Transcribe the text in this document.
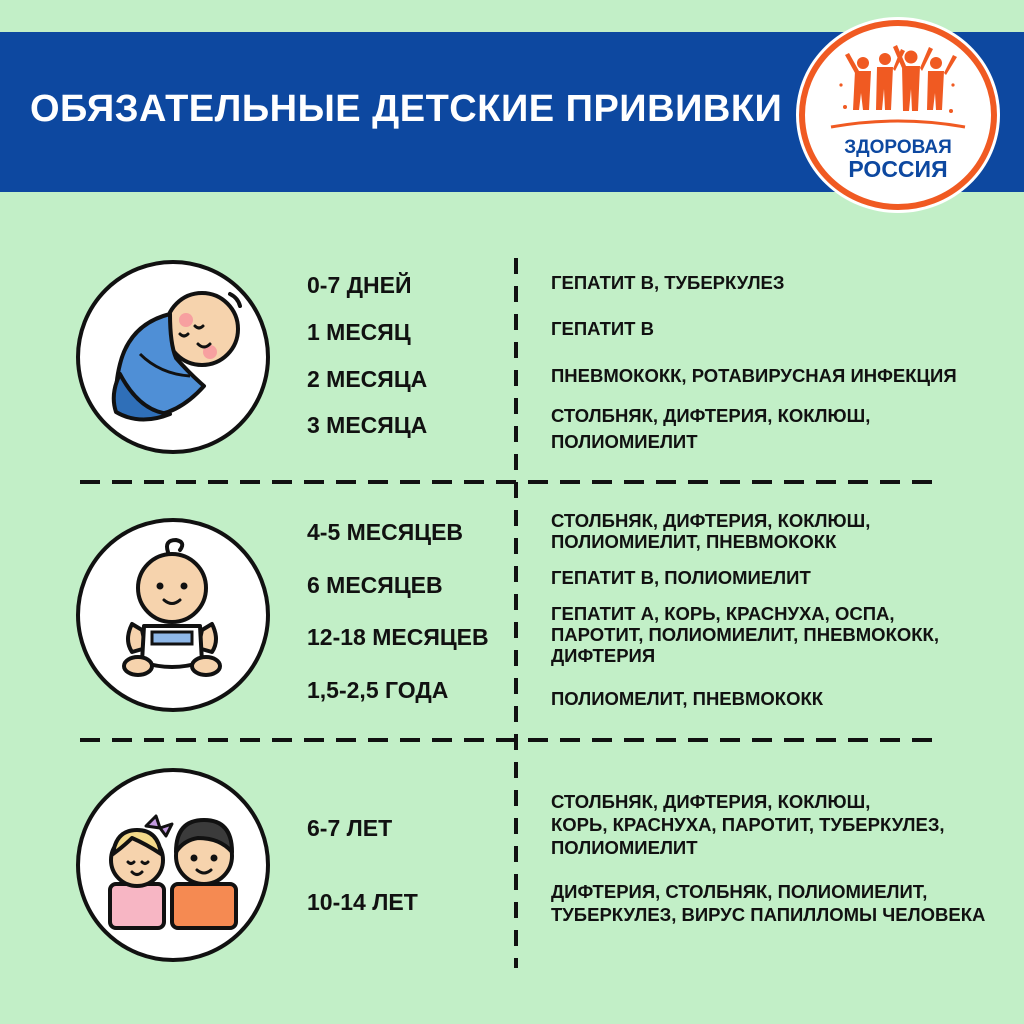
ОБЯЗАТЕЛЬНЫЕ ДЕТСКИЕ ПРИВИВКИ
ЗДОРОВАЯ
РОССИЯ
0-7 ДНЕЙ
1 МЕСЯЦ
2 МЕСЯЦА
3 МЕСЯЦА
4-5 МЕСЯЦЕВ
6 МЕСЯЦЕВ
12-18 МЕСЯЦЕВ
1,5-2,5 ГОДА
6-7 ЛЕТ
10-14 ЛЕТ
ГЕПАТИТ В, ТУБЕРКУЛЕЗ
ГЕПАТИТ В
ПНЕВМОКОКК, РОТАВИРУСНАЯ ИНФЕКЦИЯ
СТОЛБНЯК, ДИФТЕРИЯ, КОКЛЮШ,
ПОЛИОМИЕЛИТ
СТОЛБНЯК, ДИФТЕРИЯ, КОКЛЮШ,
ПОЛИОМИЕЛИТ, ПНЕВМОКОКК
ГЕПАТИТ В, ПОЛИОМИЕЛИТ
ГЕПАТИТ А, КОРЬ, КРАСНУХА, ОСПА,
ПАРОТИТ, ПОЛИОМИЕЛИТ, ПНЕВМОКОКК,
ДИФТЕРИЯ
ПОЛИОМЕЛИТ, ПНЕВМОКОКК
СТОЛБНЯК, ДИФТЕРИЯ, КОКЛЮШ,
КОРЬ, КРАСНУХА, ПАРОТИТ, ТУБЕРКУЛЕЗ,
ПОЛИОМИЕЛИТ
ДИФТЕРИЯ, СТОЛБНЯК, ПОЛИОМИЕЛИТ,
ТУБЕРКУЛЕЗ, ВИРУС ПАПИЛЛОМЫ ЧЕЛОВЕКА
